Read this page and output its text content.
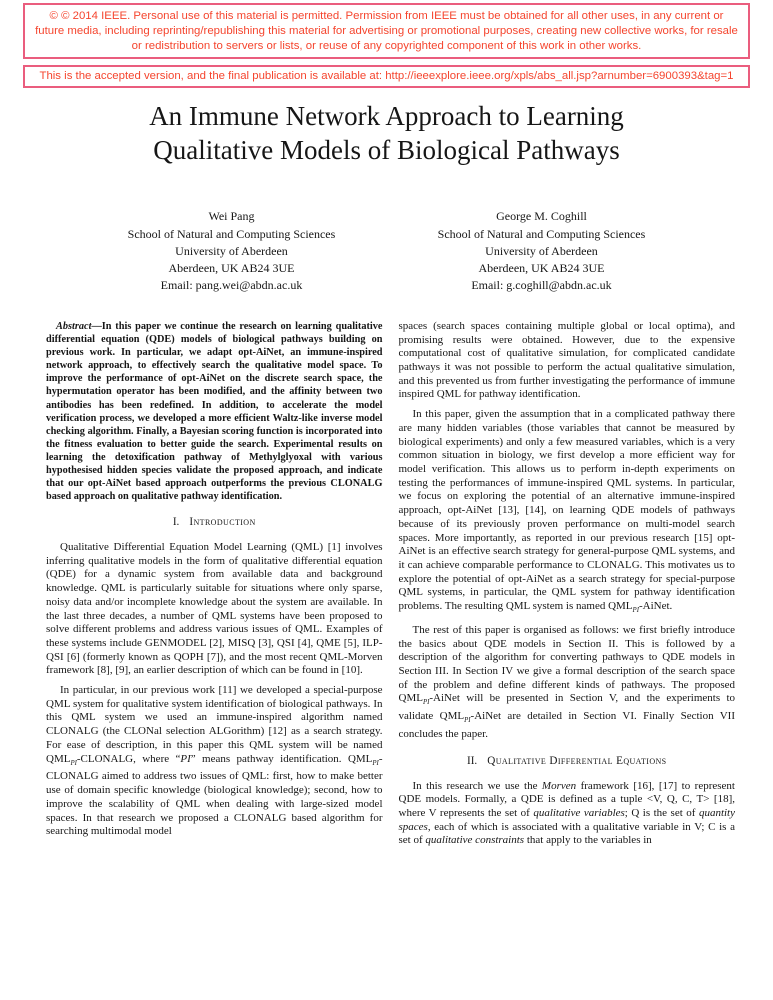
© © 2014 IEEE. Personal use of this material is permitted. Permission from IEEE must be obtained for all other uses, in any current or future media, including reprinting/republishing this material for advertising or promotional purposes, creating new collective works, for resale or redistribution to servers or lists, or reuse of any copyrighted component of this work in other works.
This is the accepted version, and the final publication is available at: http://ieeexplore.ieee.org/xpls/abs_all.jsp?arnumber=6900393&tag=1
An Immune Network Approach to Learning
Qualitative Models of Biological Pathways
Wei Pang
School of Natural and Computing Sciences
University of Aberdeen
Aberdeen, UK AB24 3UE
Email: pang.wei@abdn.ac.uk
George M. Coghill
School of Natural and Computing Sciences
University of Aberdeen
Aberdeen, UK AB24 3UE
Email: g.coghill@abdn.ac.uk

Abstract—In this paper we continue the research on learning qualitative differential equation (QDE) models of biological pathways building on previous work. In particular, we adapt opt-AiNet, an immune-inspired network approach, to effectively search the qualitative model space. To improve the performance of opt-AiNet on the discrete search space, the hypermutation operator has been modified, and the affinity between two antibodies has been redefined. In addition, to accelerate the model verification process, we developed a more efficient Waltz-like inverse model checking algorithm. Finally, a Bayesian scoring function is incorporated into the fitness evaluation to better guide the search. Experimental results on learning the detoxification pathway of Methylglyoxal with various hypothesised hidden species validate the proposed approach, and indicate that our opt-AiNet based approach outperforms the previous CLONALG based approach on qualitative pathway identification.

I. Introduction

Qualitative Differential Equation Model Learning (QML) [1] involves inferring qualitative models in the form of qualitative differential equation (QDE) for a dynamic system from available data and background knowledge. QML is particularly suitable for situations where only sparse, noisy data and/or incomplete knowledge about the system are available. In the last three decades, a number of QML systems have been proposed to solve different problems and address various issues of QML. Examples of these systems include GENMODEL [2], MISQ [3], QSI [4], QME [5], ILP-QSI [6] (formerly known as QOPH [7]), and the most recent QML-Morven framework [8], [9], an earlier description of which can be found in [10].

In particular, in our previous work [11] we developed a special-purpose QML system for qualitative system identification of biological pathways. In this QML system we used an immune-inspired algorithm named CLONALG (the CLONal selection ALGorithm) [12] as a search strategy. For ease of description, in this paper this QML system will be named $QML_{PI}$-CLONALG, where “PI” means pathway identification. $QML_{PI}$-CLONALG aimed to address two issues of QML: first, how to make better use of domain specific knowledge (biological knowledge); second, how to improve the scalability of QML when dealing with large-sized model spaces. In that research we proposed a CLONALG based algorithm for searching multimodal model

spaces (search spaces containing multiple global or local optima), and promising results were obtained. However, due to the expensive computational cost of qualitative simulation, for complicated candidate pathways it was not possible to perform the actual qualitative simulation, and this prevented us from further investigating the performance of immune inspired QML for pathway identification.

In this paper, given the assumption that in a complicated pathway there are many hidden variables (those variables that cannot be measured by biological experiments) and only a few measured variables, which is a very common situation in biology, we first develop a more efficient way for model verification. This allows us to perform in-depth experiments on testing the performances of immune-inspired QML systems. In particular, we focus on exploring the potential of an alternative immune-inspired approach, opt-AiNet [13], [14], on learning QDE models of pathways because of its previously proven performance on multi-model search spaces. More importantly, as reported in our previous research [15] opt-AiNet is an effective search strategy for general-purpose QML systems, and it can achieve comparable performance to CLONALG. This motivates us to explore the potential of opt-AiNet as a search strategy for special-purpose QML systems, in particular, the QML system for pathway identification problems. The resulting QML system is named $QML_{PI}$-AiNet.

The rest of this paper is organised as follows: we first briefly introduce the basics about QDE models in Section II. This is followed by a description of the algorithm for converting pathways to QDE models in Section III. In Section IV we give a formal description of the search space of the problem and define different kinds of pathways. The proposed $QML_{PI}$-AiNet will be presented in Section V, and the experiments to validate $QML_{PI}$-AiNet are detailed in Section VI. Finally Section VII concludes the paper.

II. Qualitative Differential Equations

In this research we use the Morven framework [16], [17] to represent QDE models. Formally, a QDE is defined as a tuple <V, Q, C, T> [18], where V represents the set of qualitative variables; Q is the set of quantity spaces, each of which is associated with a qualitative variable in V; C is a set of qualitative constraints that apply to the variables in
